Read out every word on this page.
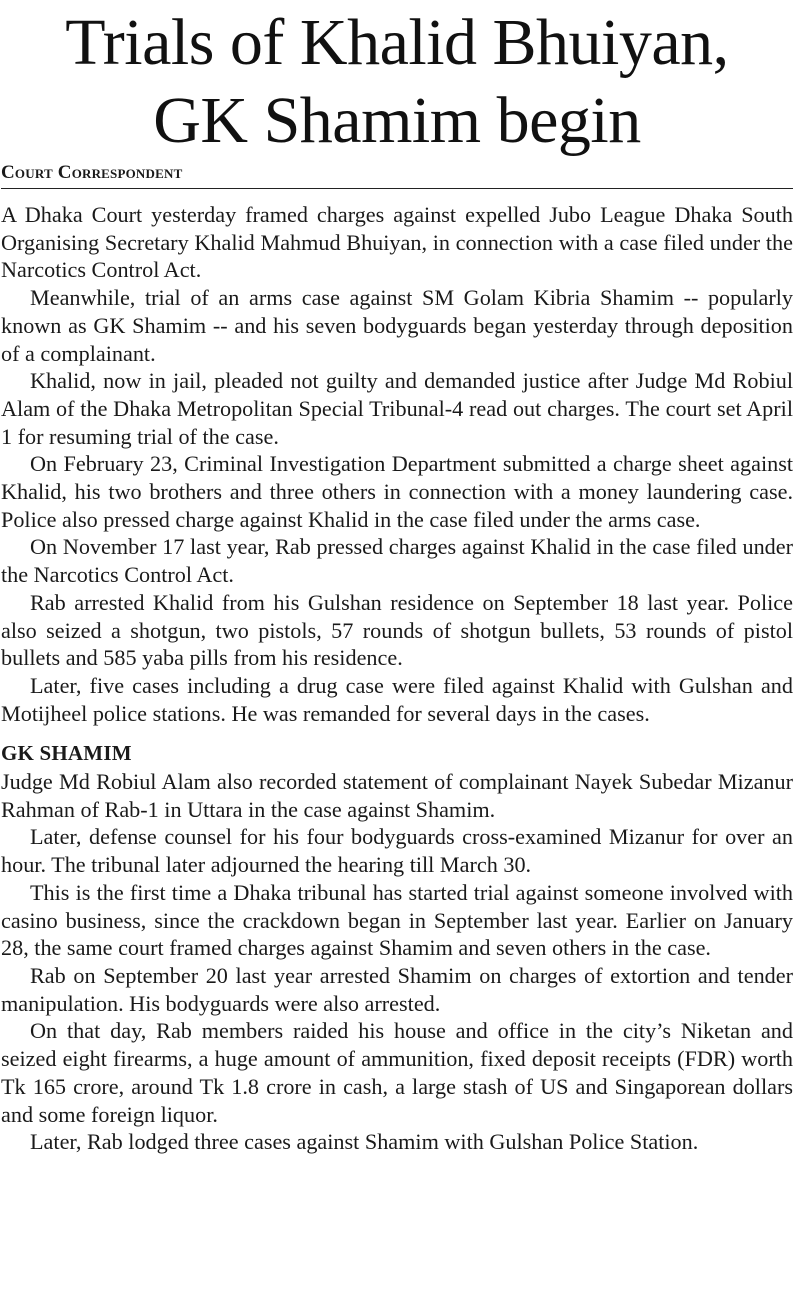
Trials of Khalid Bhuiyan,
GK Shamim begin
Court Correspondent

A Dhaka Court yesterday framed charges against expelled Jubo League Dhaka South Organising Secretary Khalid Mahmud Bhuiyan, in connection with a case filed under the Narcotics Control Act.

Meanwhile, trial of an arms case against SM Golam Kibria Shamim -- popularly known as GK Shamim -- and his seven bodyguards began yesterday through deposition of a complainant.

Khalid, now in jail, pleaded not guilty and demanded justice after Judge Md Robiul Alam of the Dhaka Metropolitan Special Tribunal-4 read out charges. The court set April 1 for resuming trial of the case.

On February 23, Criminal Investigation Department submitted a charge sheet against Khalid, his two brothers and three others in connection with a money laundering case. Police also pressed charge against Khalid in the case filed under the arms case.

On November 17 last year, Rab pressed charges against Khalid in the case filed under the Narcotics Control Act.

Rab arrested Khalid from his Gulshan residence on September 18 last year. Police also seized a shotgun, two pistols, 57 rounds of shotgun bullets, 53 rounds of pistol bullets and 585 yaba pills from his residence.

Later, five cases including a drug case were filed against Khalid with Gulshan and Motijheel police stations. He was remanded for several days in the cases.

GK SHAMIM

Judge Md Robiul Alam also recorded statement of complainant Nayek Subedar Mizanur Rahman of Rab-1 in Uttara in the case against Shamim.

Later, defense counsel for his four bodyguards cross-examined Mizanur for over an hour. The tribunal later adjourned the hearing till March 30.

This is the first time a Dhaka tribunal has started trial against someone involved with casino business, since the crackdown began in September last year. Earlier on January 28, the same court framed charges against Shamim and seven others in the case.

Rab on September 20 last year arrested Shamim on charges of extortion and tender manipulation. His bodyguards were also arrested.

On that day, Rab members raided his house and office in the city’s Niketan and seized eight firearms, a huge amount of ammunition, fixed deposit receipts (FDR) worth Tk 165 crore, around Tk 1.8 crore in cash, a large stash of US and Singaporean dollars and some foreign liquor.

Later, Rab lodged three cases against Shamim with Gulshan Police Station.
